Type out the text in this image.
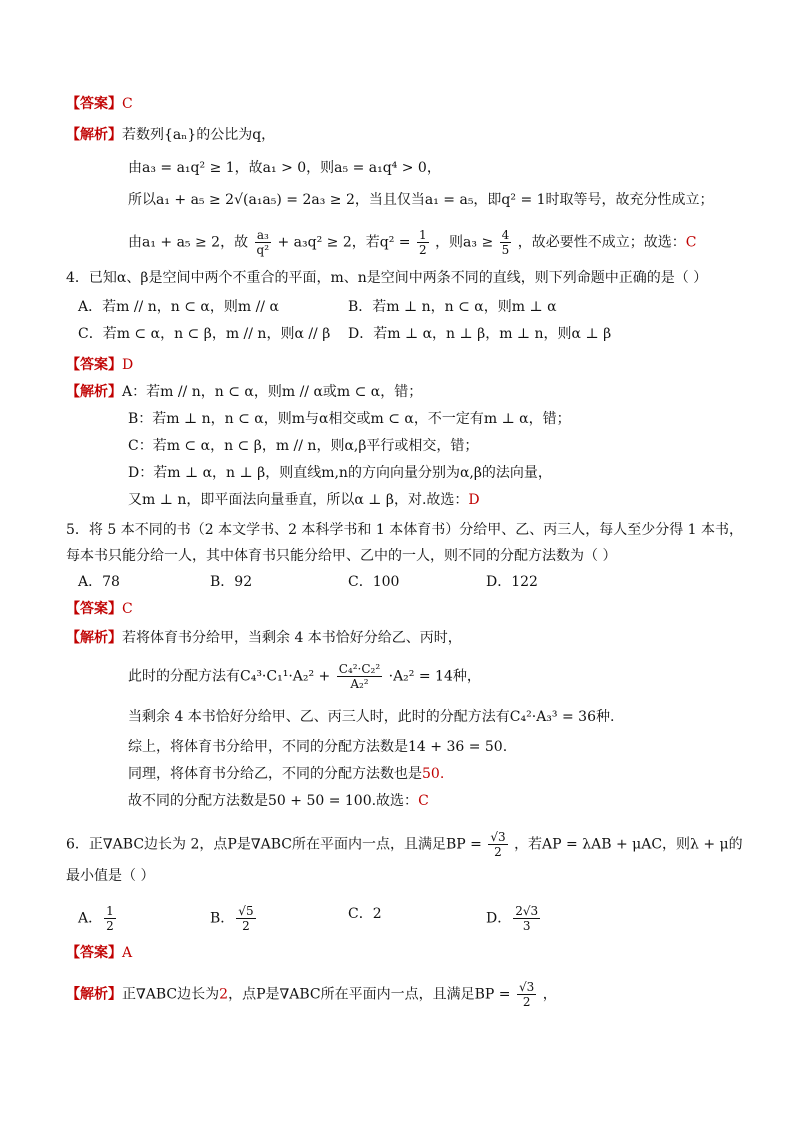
【答案】C
【解析】若数列{aₙ}的公比为q，
由a₃ = a₁q² ≥ 1，故a₁ > 0，则a₅ = a₁q⁴ > 0，
所以a₁ + a₅ ≥ 2√(a₁a₅) = 2a₃ ≥ 2，当且仅当a₁ = a₅，即q² = 1时取等号，故充分性成立；
由a₁ + a₅ ≥ 2，故 $\frac{\text{a₃}}{\text{q²}} + a_3q^2 \ge 2$，若$q^2 = \frac{1}{2}$ ，则$a_3 \ge \frac{4}{5}$ ，故必要性不成立；故选：C
4．已知α、β是空间中两个不重合的平面，m、n是空间中两条不同的直线，则下列命题中正确的是（ ）
A．若m // n，n ⊂ α，则m // α	B．若m ⊥ n，n ⊂ α，则m ⊥ α
C．若m ⊂ α，n ⊂ β，m // n，则α // β D．若m ⊥ α，n ⊥ β，m ⊥ n，则α ⊥ β
【答案】D
【解析】A：若m // n，n ⊂ α，则m // α或m ⊂ α，错；
B：若m ⊥ n，n ⊂ α，则m与α相交或m ⊂ α，不一定有m ⊥ α，错；
C：若m ⊂ α，n ⊂ β，m // n，则α,β平行或相交，错；
D：若m ⊥ α，n ⊥ β，则直线m,n的方向向量分别为α,β的法向量，
又m ⊥ n，即平面法向量垂直，所以α ⊥ β，对.故选：D
5．将 5 本不同的书（2 本文学书、2 本科学书和 1 本体育书）分给甲、乙、丙三人，每人至少分得 1 本书，
每本书只能分给一人，其中体育书只能分给甲、乙中的一人，则不同的分配方法数为（ ）
A．78	B．92	C．100	D．122
【答案】C
【解析】若将体育书分给甲，当剩余 4 本书恰好分给乙、丙时，
此时的分配方法有$C_4^3\cdot C_1^1\cdot A_2^2 + \frac{\text{C₄²·C₂²}}{\text{A₂²}} \cdot A_2^2 = 14$种，
当剩余 4 本书恰好分给甲、乙、丙三人时，此时的分配方法有C₄²·A₃³ = 36种.
综上，将体育书分给甲，不同的分配方法数是14 + 36 = 50.
同理，将体育书分给乙，不同的分配方法数也是50.
故不同的分配方法数是50 + 50 = 100.故选：C
6．正∇ABC边长为 2，点P是∇ABC所在平面内一点，且满足BP = $\frac{√3}{2}$ ，若AP = λAB + μAC，则λ + μ的
最小值是（ ）
A． $\frac{1}{2}$	B． $\frac{√5}{2}$	C．2	D． $\frac{2√3}{3}$
【答案】A
【解析】正∇ABC边长为2，点P是∇ABC所在平面内一点，且满足BP = $\frac{√3}{2}$ ，
